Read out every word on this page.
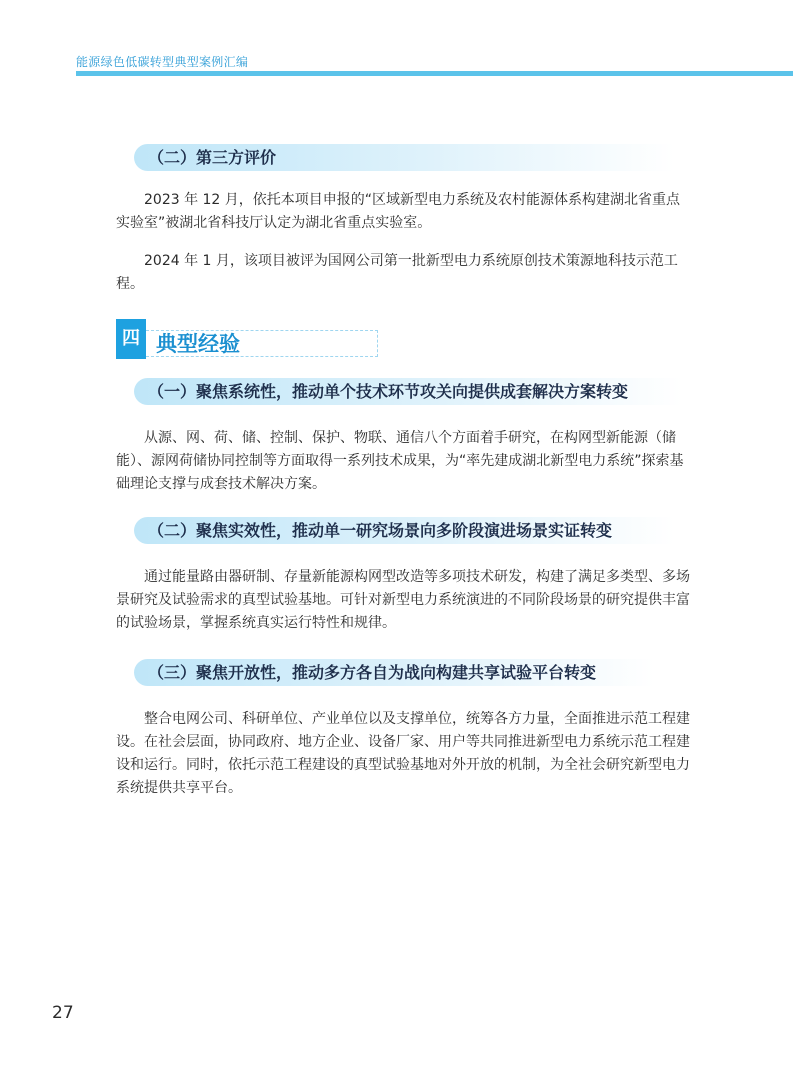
能源绿色低碳转型典型案例汇编
（二）第三方评价

2023 年 12 月，依托本项目申报的“区域新型电力系统及农村能源体系构建湖北省重点实验室”被湖北省科技厅认定为湖北省重点实验室。

2024 年 1 月，该项目被评为国网公司第一批新型电力系统原创技术策源地科技示范工程。

四 典型经验
（一）聚焦系统性，推动单个技术环节攻关向提供成套解决方案转变

从源、网、荷、储、控制、保护、物联、通信八个方面着手研究，在构网型新能源（储能）、源网荷储协同控制等方面取得一系列技术成果，为“率先建成湖北新型电力系统”探索基础理论支撑与成套技术解决方案。

（二）聚焦实效性，推动单一研究场景向多阶段演进场景实证转变

通过能量路由器研制、存量新能源构网型改造等多项技术研发，构建了满足多类型、多场景研究及试验需求的真型试验基地。可针对新型电力系统演进的不同阶段场景的研究提供丰富的试验场景，掌握系统真实运行特性和规律。

（三）聚焦开放性，推动多方各自为战向构建共享试验平台转变

整合电网公司、科研单位、产业单位以及支撑单位，统筹各方力量，全面推进示范工程建设。在社会层面，协同政府、地方企业、设备厂家、用户等共同推进新型电力系统示范工程建设和运行。同时，依托示范工程建设的真型试验基地对外开放的机制，为全社会研究新型电力系统提供共享平台。

27
